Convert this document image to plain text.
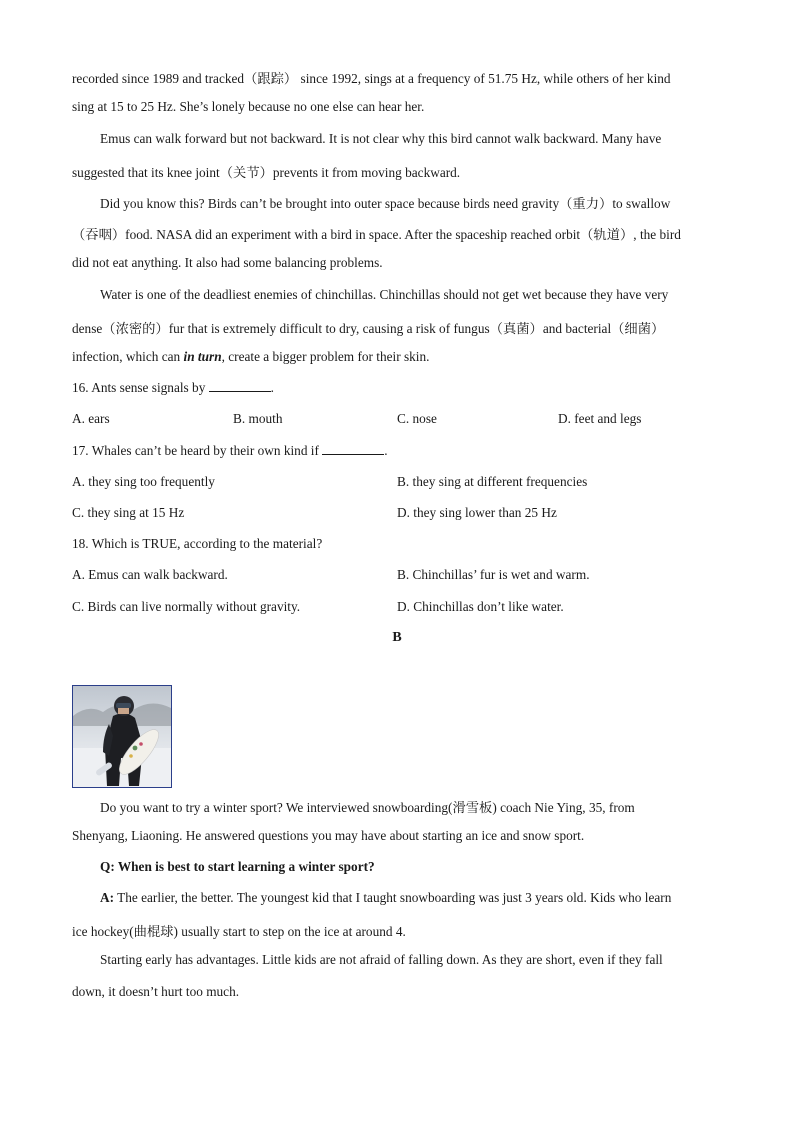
recorded since 1989 and tracked（跟踪） since 1992, sings at a frequency of 51.75 Hz, while others of her kind
sing at 15 to 25 Hz. She’s lonely because no one else can hear her.
Emus can walk forward but not backward. It is not clear why this bird cannot walk backward. Many have
suggested that its knee joint（关节）prevents it from moving backward.
Did you know this? Birds can’t be brought into outer space because birds need gravity（重力）to swallow
（吞咽）food. NASA did an experiment with a bird in space. After the spaceship reached orbit（轨道）, the bird
did not eat anything. It also had some balancing problems.
Water is one of the deadliest enemies of chinchillas. Chinchillas should not get wet because they have very
dense（浓密的）fur that is extremely difficult to dry, causing a risk of fungus（真菌）and bacterial（细菌）
infection, which can in turn, create a bigger problem for their skin.
16. Ants sense signals by	.
A. ears	B. mouth	C. nose	D. feet and legs
17. Whales can’t be heard by their own kind if	.
A. they sing too frequently	B. they sing at different frequencies
C. they sing at 15 Hz	D. they sing lower than 25 Hz
18. Which is TRUE, according to the material?
A. Emus can walk backward.	B. Chinchillas’ fur is wet and warm.
C. Birds can live normally without gravity.	D. Chinchillas don’t like water.
B
Do you want to try a winter sport? We interviewed snowboarding(滑雪板) coach Nie Ying, 35, from
Shenyang, Liaoning. He answered questions you may have about starting an ice and snow sport.
Q: When is best to start learning a winter sport?
A: The earlier, the better. The youngest kid that I taught snowboarding was just 3 years old. Kids who learn
ice hockey(曲棍球) usually start to step on the ice at around 4.
Starting early has advantages. Little kids are not afraid of falling down. As they are short, even if they fall
down, it doesn’t hurt too much.
